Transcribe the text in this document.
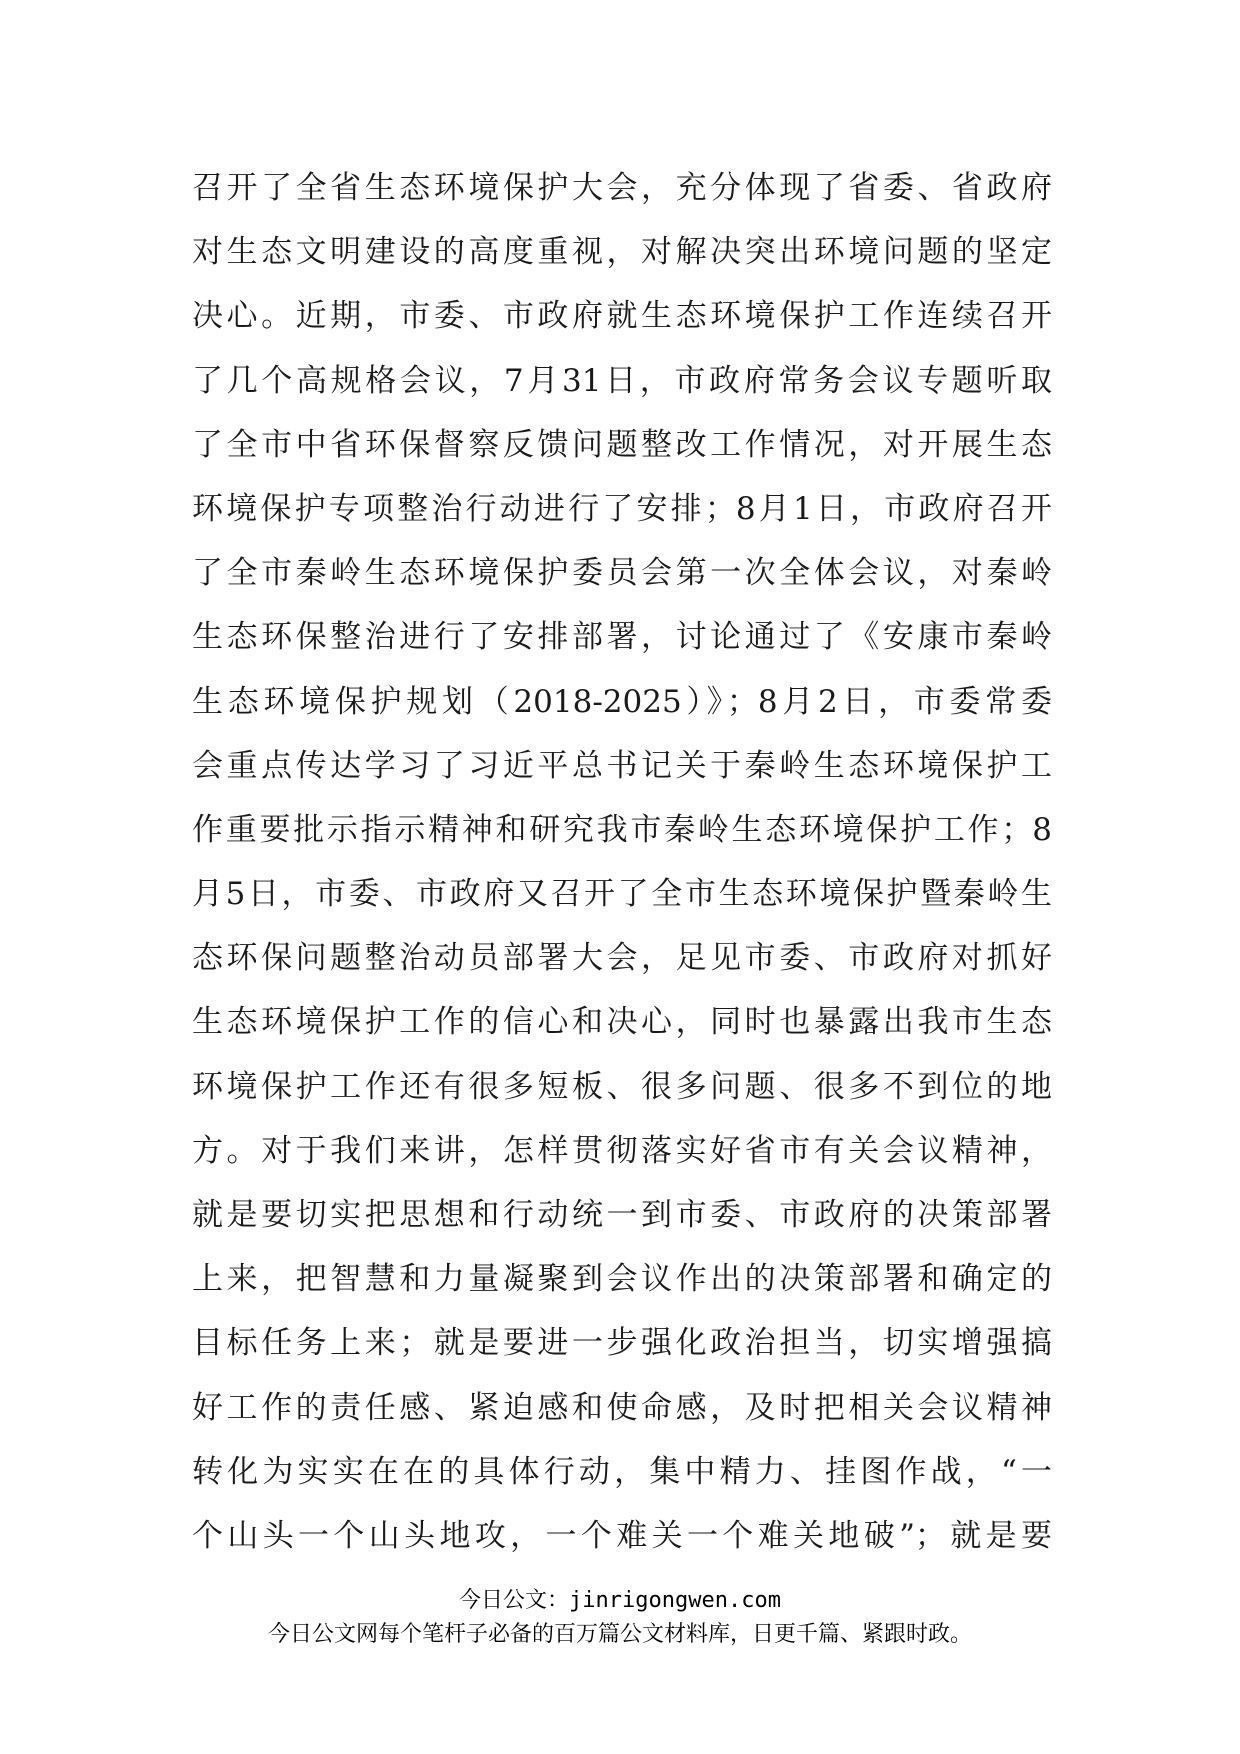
召开了全省生态环境保护大会，充分体现了省委、省政府
对生态文明建设的高度重视，对解决突出环境问题的坚定
决心。近期，市委、市政府就生态环境保护工作连续召开
了几个高规格会议，7月31日，市政府常务会议专题听取
了全市中省环保督察反馈问题整改工作情况，对开展生态
环境保护专项整治行动进行了安排；8月1日，市政府召开
了全市秦岭生态环境保护委员会第一次全体会议，对秦岭
生态环保整治进行了安排部署，讨论通过了《安康市秦岭
生态环境保护规划（2018-2025）》；8月2日，市委常委
会重点传达学习了习近平总书记关于秦岭生态环境保护工
作重要批示指示精神和研究我市秦岭生态环境保护工作；8
月5日，市委、市政府又召开了全市生态环境保护暨秦岭生
态环保问题整治动员部署大会，足见市委、市政府对抓好
生态环境保护工作的信心和决心，同时也暴露出我市生态
环境保护工作还有很多短板、很多问题、很多不到位的地
方。对于我们来讲，怎样贯彻落实好省市有关会议精神，
就是要切实把思想和行动统一到市委、市政府的决策部署
上来，把智慧和力量凝聚到会议作出的决策部署和确定的
目标任务上来；就是要进一步强化政治担当，切实增强搞
好工作的责任感、紧迫感和使命感，及时把相关会议精神
转化为实实在在的具体行动，集中精力、挂图作战，“一
个山头一个山头地攻，一个难关一个难关地破”；就是要
今日公文：jinrigongwen.com
今日公文网每个笔杆子必备的百万篇公文材料库，日更千篇、紧跟时政。
